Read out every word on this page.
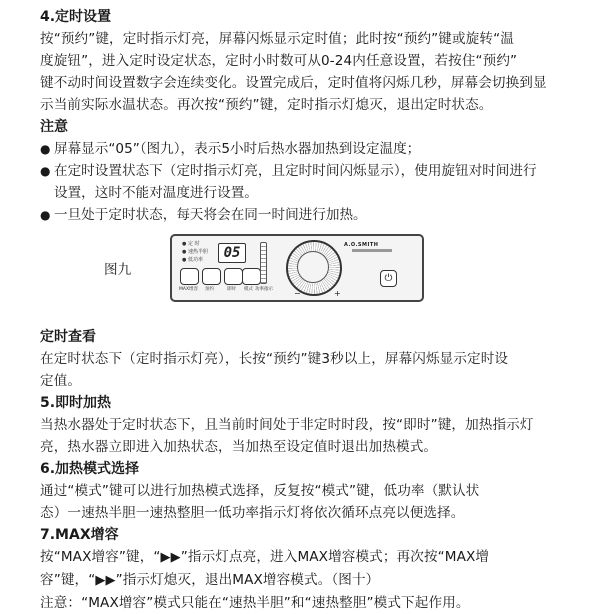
4.定时设置

按“预约”键，定时指示灯亮，屏幕闪烁显示定时值；此时按“预约”键或旋转“温
度旋钮”，进入定时设定状态，定时小时数可从0-24内任意设置，若按住“预约”
键不动时间设置数字会连续变化。设置完成后，定时值将闪烁几秒，屏幕会切换到显
示当前实际水温状态。再次按“预约”键，定时指示灯熄灭，退出定时状态。

注意

● 屏幕显示“05”（图九），表示5小时后热水器加热到设定温度；
● 在定时设置状态下（定时指示灯亮，且定时时间闪烁显示），使用旋钮对时间进行
设置，这时不能对温度进行设置。
● 一旦处于定时状态，每天将会在同一时间进行加热。
图九
● 定 时
● 速热半胆
● 低功率	05
MAX增容 预约	即时 模式 功率指示	−	+
A.O.SMITH
⏻

定时查看

在定时状态下（定时指示灯亮），长按“预约”键3秒以上，屏幕闪烁显示定时设
定值。

5.即时加热

当热水器处于定时状态下，且当前时间处于非定时时段，按“即时”键，加热指示灯
亮，热水器立即进入加热状态，当加热至设定值时退出加热模式。

6.加热模式选择

通过“模式”键可以进行加热模式选择，反复按“模式”键，低功率（默认状
态）一速热半胆一速热整胆一低功率指示灯将依次循环点亮以便选择。

7.MAX增容

按“MAX增容”键，“▶▶”指示灯点亮，进入MAX增容模式；再次按“MAX增
容”键，“▶▶”指示灯熄灭，退出MAX增容模式。（图十）
注意：“MAX增容”模式只能在“速热半胆”和“速热整胆”模式下起作用。
